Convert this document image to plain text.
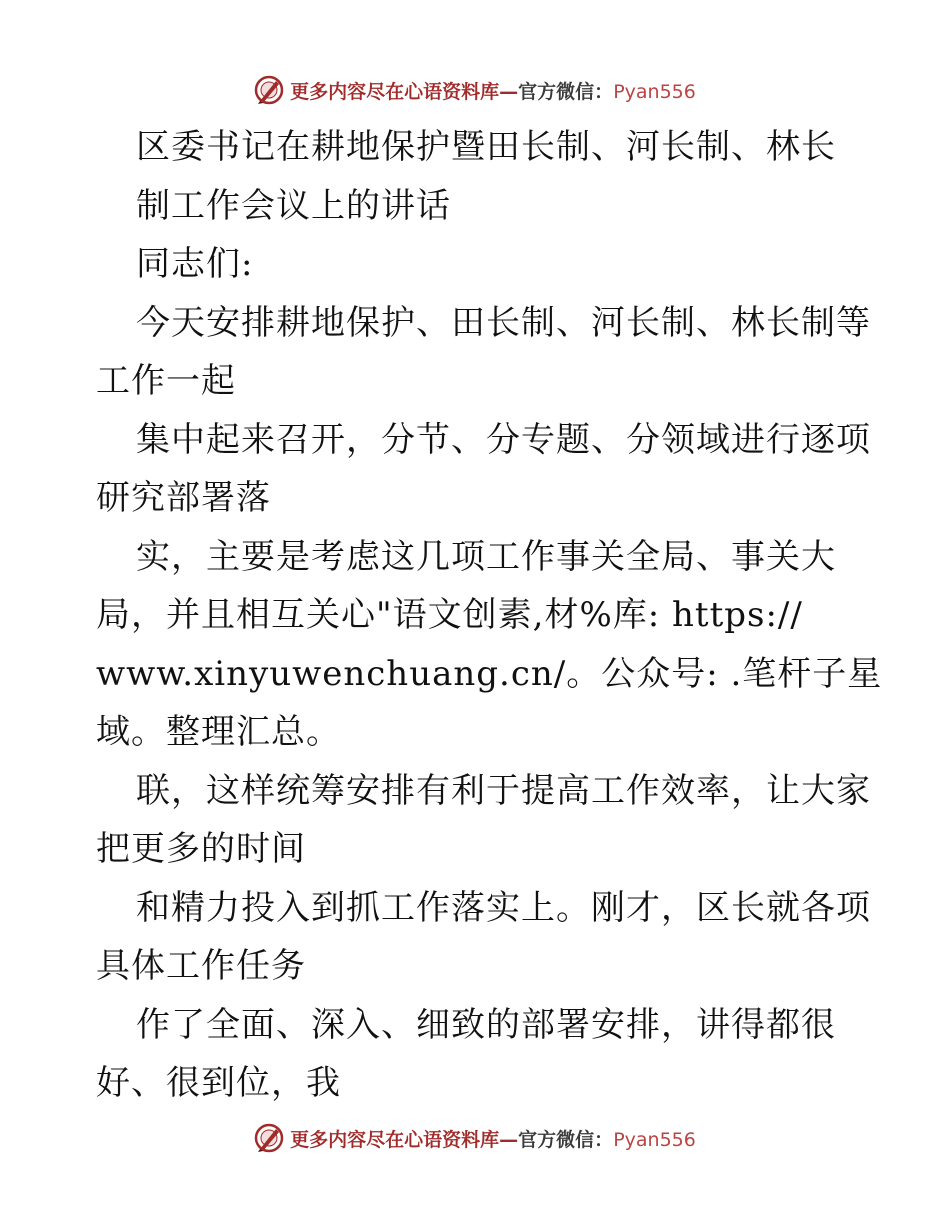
更多内容尽在心语资料库—官方微信：Pyan556
区委书记在耕地保护暨田长制、河长制、林长
制工作会议上的讲话
同志们:
今天安排耕地保护、田长制、河长制、林长制等
工作一起
集中起来召开，分节、分专题、分领域进行逐项
研究部署落
实，主要是考虑这几项工作事关全局、事关大
局，并且相互关心"语文创素,材%库: https://
www.xinyuwenchuang.cn/。公众号: .笔杆子星
域。整理汇总。
联，这样统筹安排有利于提高工作效率，让大家
把更多的时间
和精力投入到抓工作落实上。刚才，区长就各项
具体工作任务
作了全面、深入、细致的部署安排，讲得都很
好、很到位，我
更多内容尽在心语资料库—官方微信：Pyan556
